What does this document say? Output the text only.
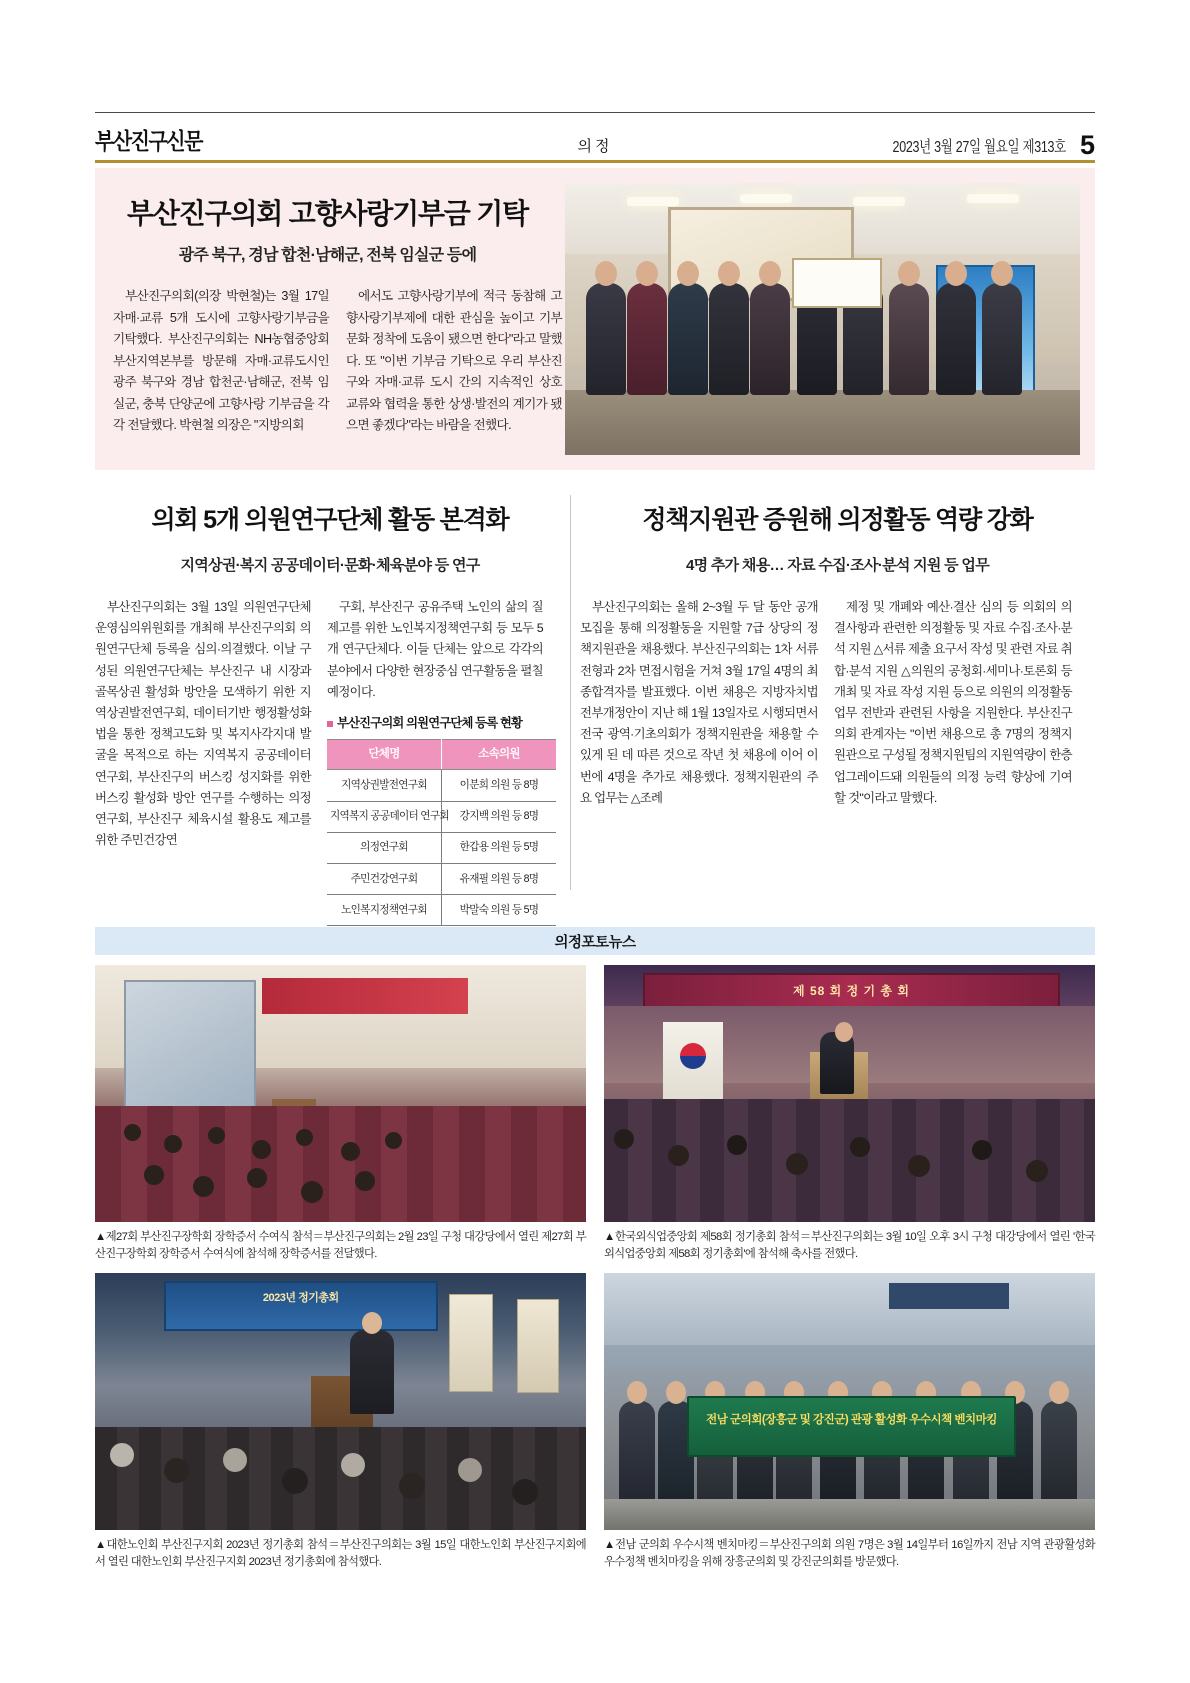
부산진구신문	의정	2023년 3월 27일 월요일 제313호 5
부산진구의회 고향사랑기부금 기탁
광주 북구, 경남 합천·남해군, 전북 임실군 등에

부산진구의회(의장 박현철)는 3월 17일 자매·교류 5개 도시에 고향사랑기부금을 기탁했다. 부산진구의회는 NH농협중앙회 부산지역본부를 방문해 자매·교류도시인 광주 북구와 경남 합천군·남해군, 전북 임실군, 충북 단양군에 고향사랑 기부금을 각각 전달했다. 박현철 의장은 "지방의회

에서도 고향사랑기부에 적극 동참해 고향사랑기부제에 대한 관심을 높이고 기부문화 정착에 도움이 됐으면 한다"라고 말했다. 또 "이번 기부금 기탁으로 우리 부산진구와 자매·교류 도시 간의 지속적인 상호 교류와 협력을 통한 상생·발전의 계기가 됐으면 좋겠다"라는 바람을 전했다.

의회 5개 의원연구단체 활동 본격화
지역상권·복지 공공데이터·문화·체육분야 등 연구

부산진구의회는 3월 13일 의원연구단체 운영심의위원회를 개최해 부산진구의회 의원연구단체 등록을 심의·의결했다. 이날 구성된 의원연구단체는 부산진구 내 시장과 골목상권 활성화 방안을 모색하기 위한 지역상권발전연구회, 데이터기반 행정활성화법을 통한 정책고도화 및 복지사각지대 발굴을 목적으로 하는 지역복지 공공데이터 연구회, 부산진구의 버스킹 성지화를 위한 버스킹 활성화 방안 연구를 수행하는 의정연구회, 부산진구 체육시설 활용도 제고를 위한 주민건강연

구회, 부산진구 공유주택 노인의 삶의 질 제고를 위한 노인복지정책연구회 등 모두 5개 연구단체다. 이들 단체는 앞으로 각각의 분야에서 다양한 현장중심 연구활동을 펼칠 예정이다.

부산진구의회 의원연구단체 등록 현황
단체명	소속의원
지역상권발전연구회	이분희 의원 등 8명
지역복지 공공데이터 연구회	강지백 의원 등 8명
의정연구회	한갑용 의원 등 5명
주민건강연구회	유재필 의원 등 8명
노인복지정책연구회	박말숙 의원 등 5명
정책지원관 증원해 의정활동 역량 강화
4명 추가 채용… 자료 수집·조사·분석 지원 등 업무

부산진구의회는 올해 2~3월 두 달 동안 공개모집을 통해 의정활동을 지원할 7급 상당의 정책지원관을 채용했다. 부산진구의회는 1차 서류전형과 2차 면접시험을 거쳐 3월 17일 4명의 최종합격자를 발표했다. 이번 채용은 지방자치법 전부개정안이 지난 해 1월 13일자로 시행되면서 전국 광역·기초의회가 정책지원관을 채용할 수 있게 된 데 따른 것으로 작년 첫 채용에 이어 이번에 4명을 추가로 채용했다. 정책지원관의 주요 업무는 △조례

제정 및 개폐와 예산·결산 심의 등 의회의 의결사항과 관련한 의정활동 및 자료 수집·조사·분석 지원 △서류 제출 요구서 작성 및 관련 자료 취합·분석 지원 △의원의 공청회·세미나·토론회 등 개최 및 자료 작성 지원 등으로 의원의 의정활동 업무 전반과 관련된 사항을 지원한다. 부산진구의회 관계자는 "이번 채용으로 총 7명의 정책지원관으로 구성될 정책지원팀의 지원역량이 한층 업그레이드돼 의원들의 의정 능력 향상에 기여할 것"이라고 말했다.

의정포토뉴스
▲제27회 부산진구장학회 장학증서 수여식 참석＝부산진구의회는 2월 23일 구청 대강당에서 열린 제27회 부산진구장학회 장학증서 수여식에 참석해 장학증서를 전달했다.
제 58 회 정 기 총 회
▲한국외식업중앙회 제58회 정기총회 참석＝부산진구의회는 3월 10일 오후 3시 구청 대강당에서 열린 '한국외식업중앙회 제58회 정기총회'에 참석해 축사를 전했다.
2023년 정기총회
▲대한노인회 부산진구지회 2023년 정기총회 참석＝부산진구의회는 3월 15일 대한노인회 부산진구지회에서 열린 대한노인회 부산진구지회 2023년 정기총회에 참석했다.
전남 군의회(장흥군 및 강진군) 관광 활성화 우수시책 벤치마킹
▲전남 군의회 우수시책 벤치마킹＝부산진구의회 의원 7명은 3월 14일부터 16일까지 전남 지역 관광활성화 우수정책 벤치마킹을 위해 장흥군의회 및 강진군의회를 방문했다.
